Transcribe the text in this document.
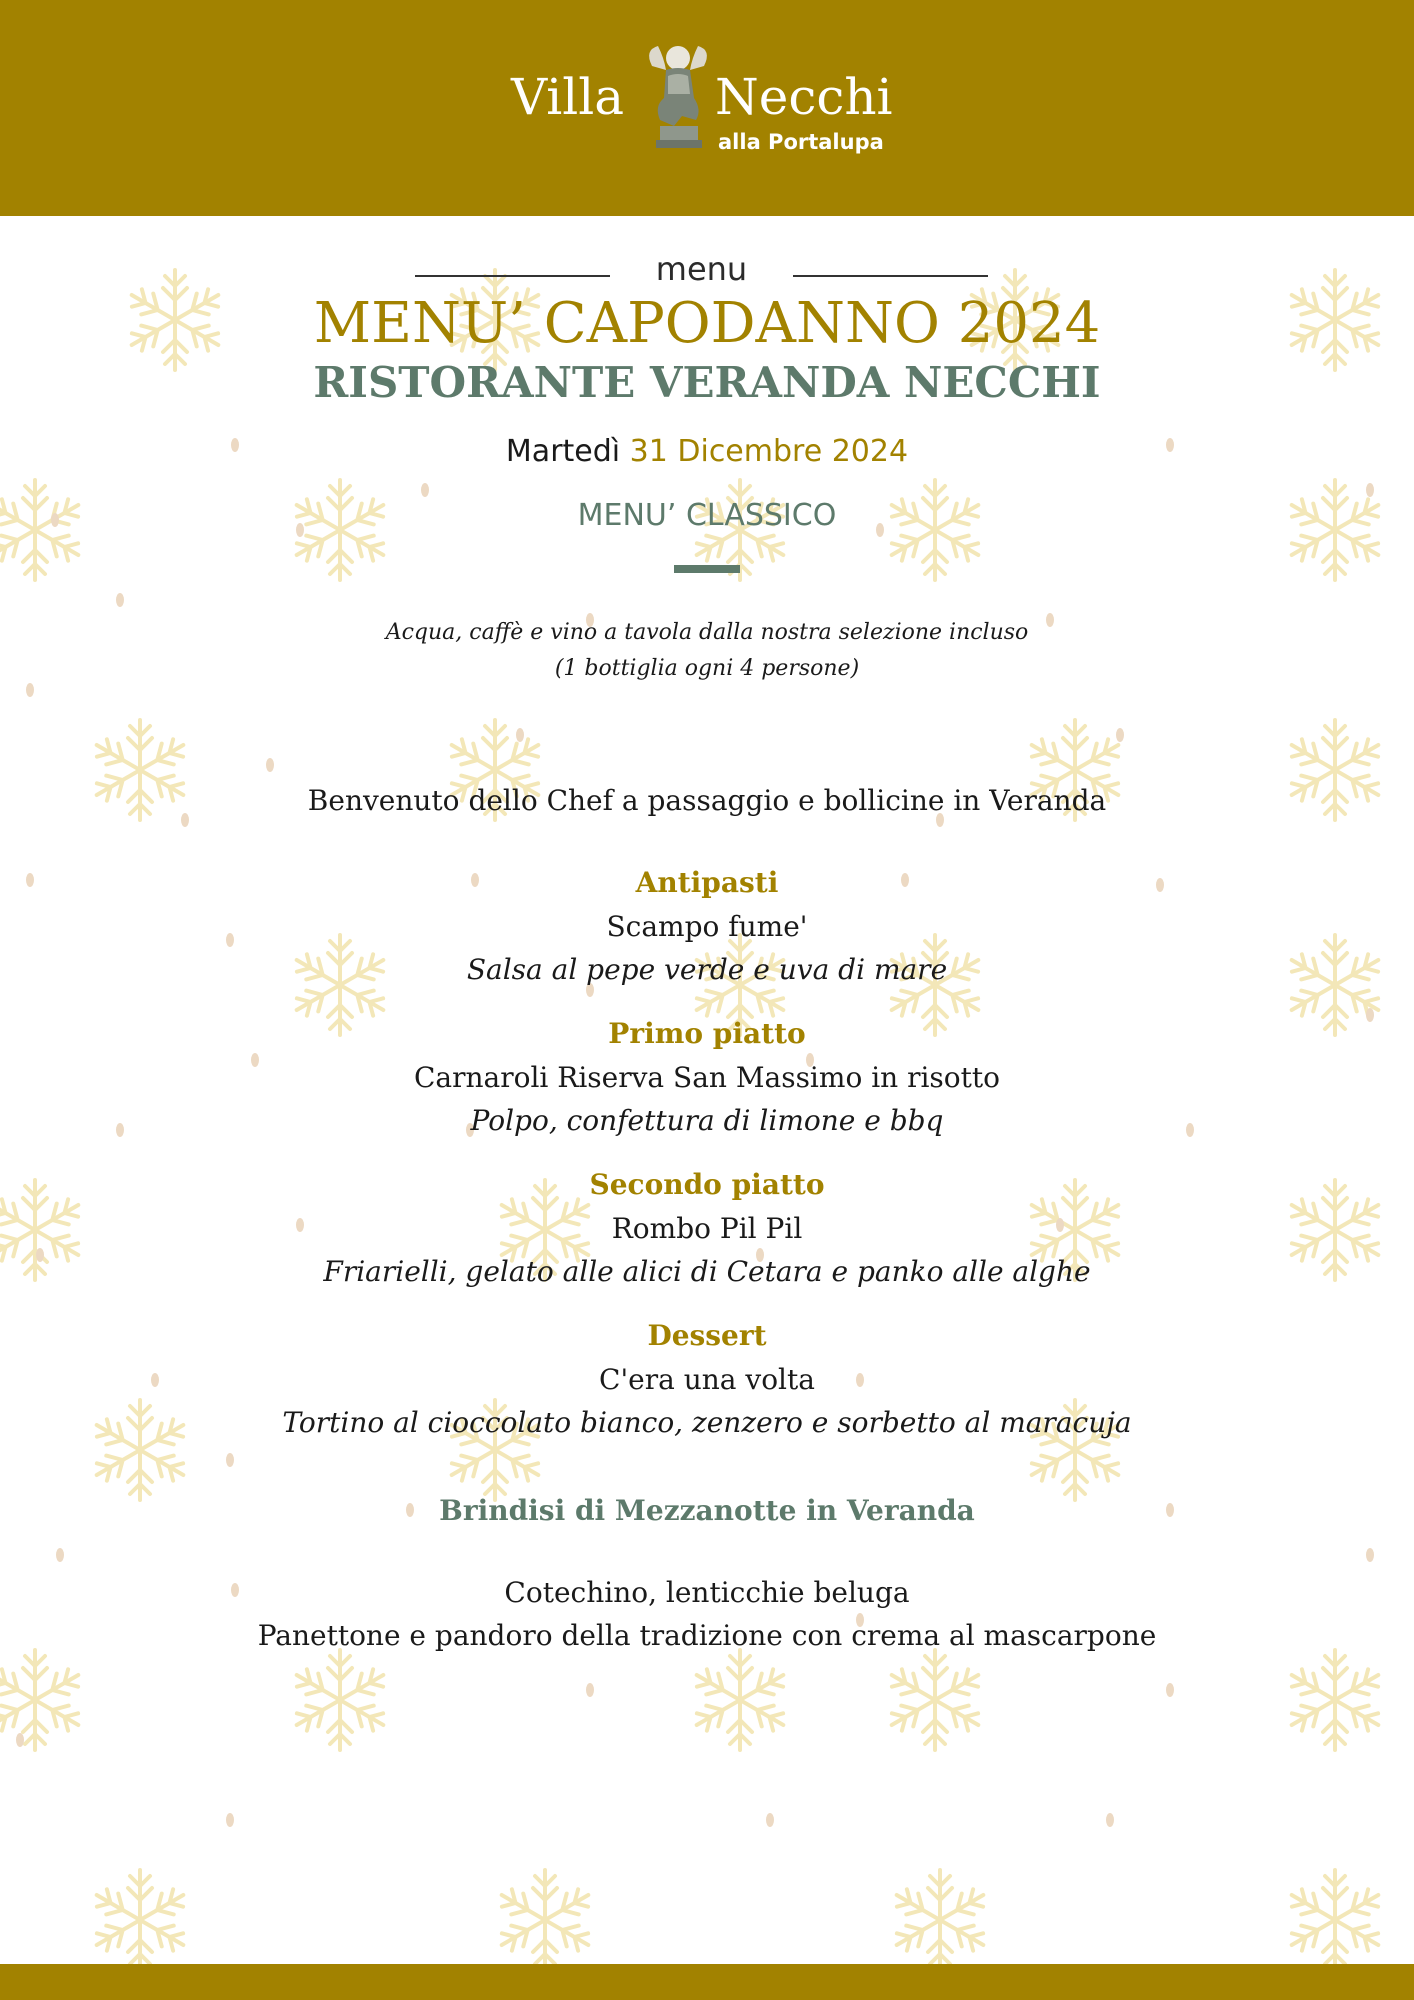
Villa Necchi
alla Portalupa
menu
MENU’ CAPODANNO 2024
RISTORANTE VERANDA NECCHI
Martedì 31 Dicembre 2024
MENU’ CLASSICO
Acqua, caffè e vino a tavola dalla nostra selezione incluso
(1 bottiglia ogni 4 persone)
Benvenuto dello Chef a passaggio e bollicine in Veranda
Antipasti
Scampo fume'
Salsa al pepe verde e uva di mare
Primo piatto
Carnaroli Riserva San Massimo in risotto
Polpo, confettura di limone e bbq
Secondo piatto
Rombo Pil Pil
Friarielli, gelato alle alici di Cetara e panko alle alghe
Dessert
C'era una volta
Tortino al cioccolato bianco, zenzero e sorbetto al maracuja
Brindisi di Mezzanotte in Veranda
Cotechino, lenticchie beluga
Panettone e pandoro della tradizione con crema al mascarpone
